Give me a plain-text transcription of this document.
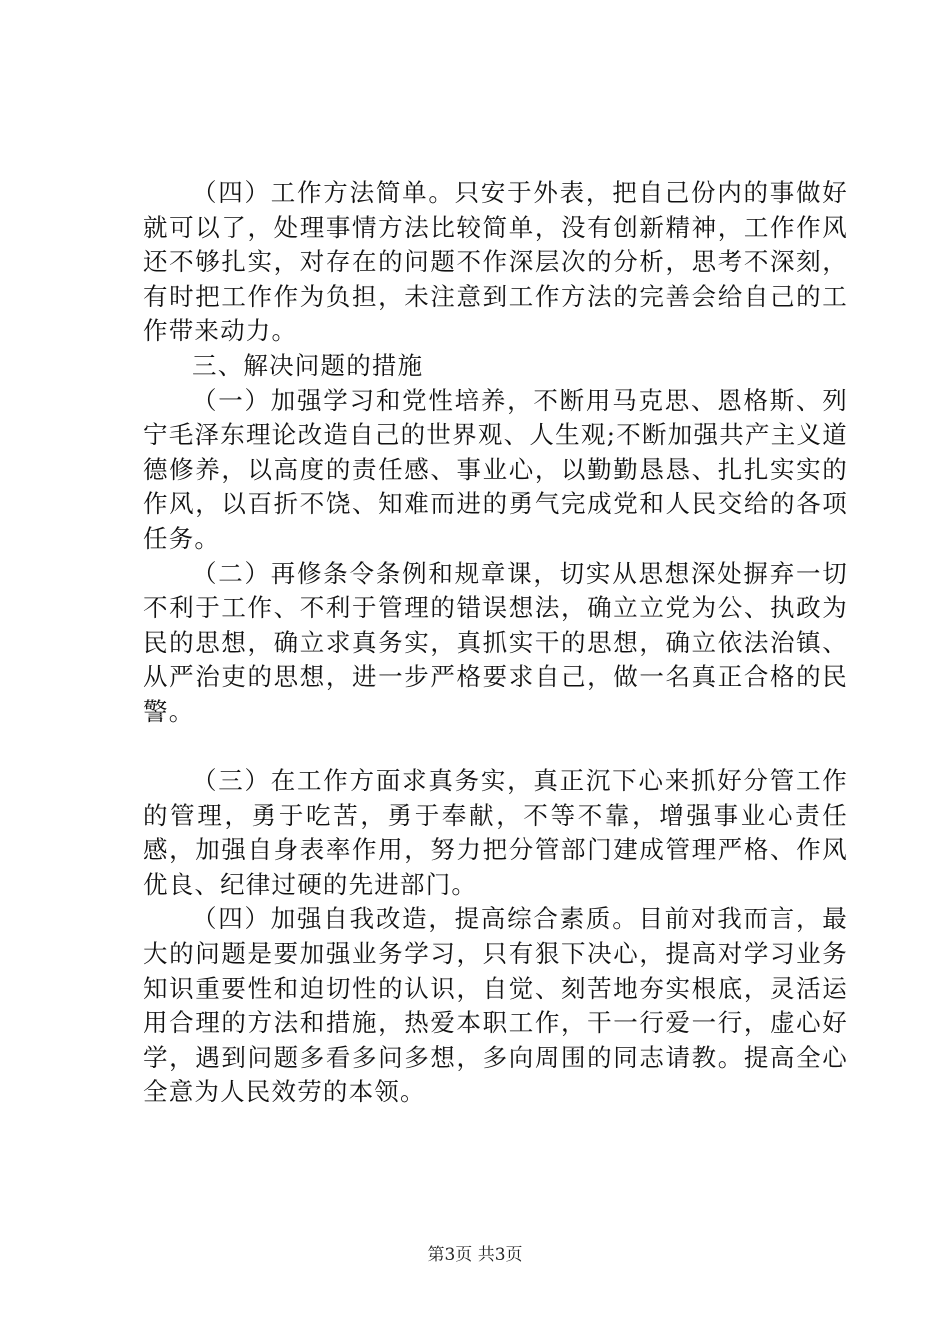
（四）工作方法简单。只安于外表，把自己份内的事做好就可以了，处理事情方法比较简单，没有创新精神，工作作风还不够扎实，对存在的问题不作深层次的分析，思考不深刻，有时把工作作为负担，未注意到工作方法的完善会给自己的工作带来动力。

三、解决问题的措施

（一）加强学习和党性培养，不断用马克思、恩格斯、列宁毛泽东理论改造自己的世界观、人生观;不断加强共产主义道德修养，以高度的责任感、事业心，以勤勤恳恳、扎扎实实的作风，以百折不饶、知难而进的勇气完成党和人民交给的各项任务。

（二）再修条令条例和规章课，切实从思想深处摒弃一切不利于工作、不利于管理的错误想法，确立立党为公、执政为民的思想，确立求真务实，真抓实干的思想，确立依法治镇、从严治吏的思想，进一步严格要求自己，做一名真正合格的民警。

（三）在工作方面求真务实，真正沉下心来抓好分管工作的管理，勇于吃苦，勇于奉献，不等不靠，增强事业心责任感，加强自身表率作用，努力把分管部门建成管理严格、作风优良、纪律过硬的先进部门。

（四）加强自我改造，提高综合素质。目前对我而言，最大的问题是要加强业务学习，只有狠下决心，提高对学习业务知识重要性和迫切性的认识，自觉、刻苦地夯实根底，灵活运用合理的方法和措施，热爱本职工作，干一行爱一行，虚心好学，遇到问题多看多问多想，多向周围的同志请教。提高全心全意为人民效劳的本领。

第3页 共3页
